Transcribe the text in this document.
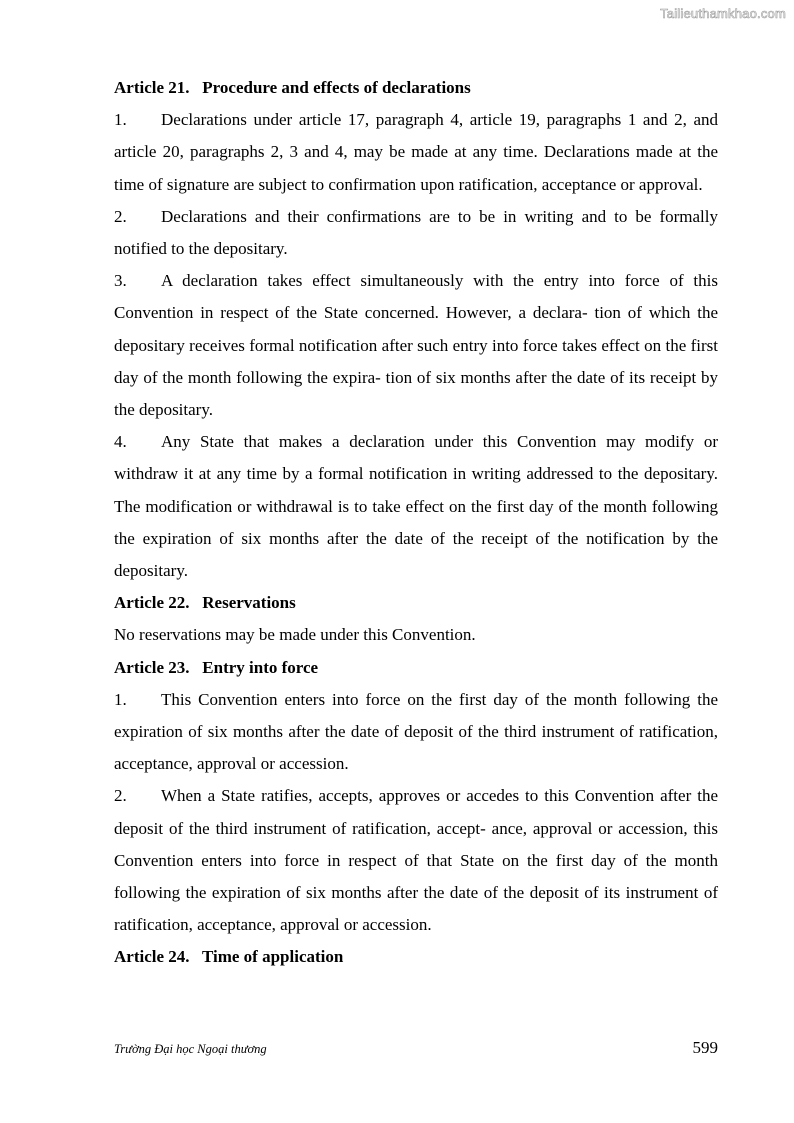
Tailieuthamkhao.com
Article 21.   Procedure and effects of declarations
1. Declarations under article 17, paragraph 4, article 19, paragraphs 1 and 2, and article 20, paragraphs 2, 3 and 4, may be made at any time. Declarations made at the time of signature are subject to confirmation upon ratification, acceptance or approval.
2. Declarations and their confirmations are to be in writing and to be formally notified to the depositary.
3. A declaration takes effect simultaneously with the entry into force of this Convention in respect of the State concerned. However, a declara- tion of which the depositary receives formal notification after such entry into force takes effect on the first day of the month following the expira- tion of six months after the date of its receipt by the depositary.
4. Any State that makes a declaration under this Convention may modify or withdraw it at any time by a formal notification in writing addressed to the depositary. The modification or withdrawal is to take effect on the first day of the month following the expiration of six months after the date of the receipt of the notification by the depositary.
Article 22.   Reservations
No reservations may be made under this Convention.
Article 23.   Entry into force
1. This Convention enters into force on the first day of the month following the expiration of six months after the date of deposit of the third instrument of ratification, acceptance, approval or accession.
2. When a State ratifies, accepts, approves or accedes to this Convention after the deposit of the third instrument of ratification, accept- ance, approval or accession, this Convention enters into force in respect of that State on the first day of the month following the expiration of six months after the date of the deposit of its instrument of ratification, acceptance, approval or accession.
Article 24.   Time of application
Trường Đại học Ngoại thương	599
